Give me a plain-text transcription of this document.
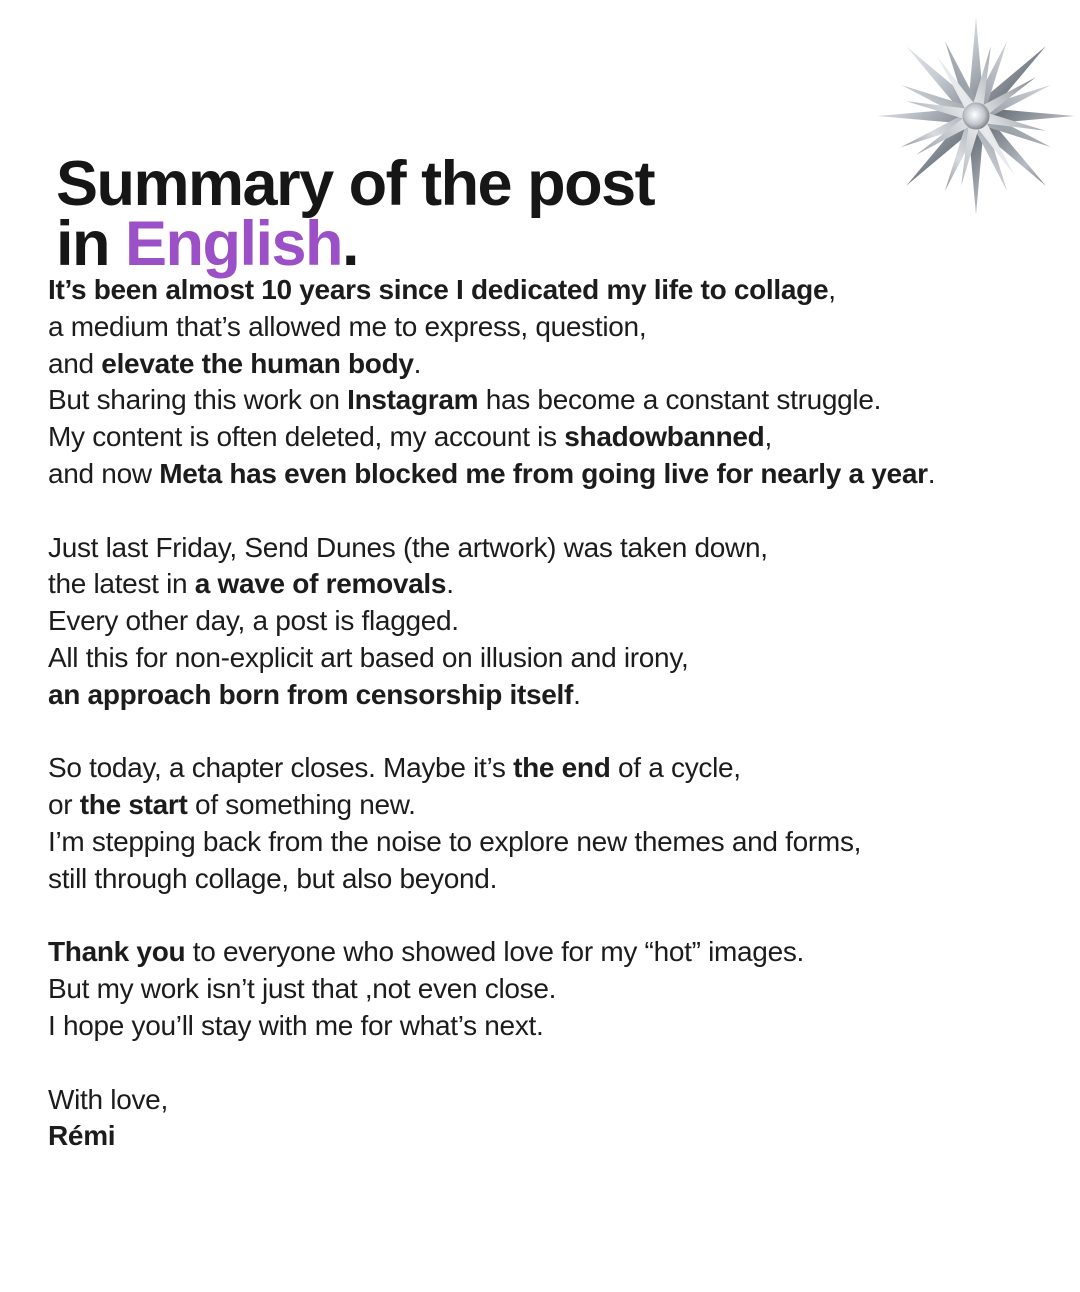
Summary of the post
in English.

It’s been almost 10 years since I dedicated my life to collage,
a medium that’s allowed me to express, question,
and elevate the human body.
But sharing this work on Instagram has become a constant struggle.
My content is often deleted, my account is shadowbanned,
and now Meta has even blocked me from going live for nearly a year.

Just last Friday, Send Dunes (the artwork) was taken down,
the latest in a wave of removals.
Every other day, a post is flagged.
All this for non-explicit art based on illusion and irony,
an approach born from censorship itself.

So today, a chapter closes. Maybe it’s the end of a cycle,
or the start of something new.
I’m stepping back from the noise to explore new themes and forms,
still through collage, but also beyond.

Thank you to everyone who showed love for my “hot” images.
But my work isn’t just that ,not even close.
I hope you’ll stay with me for what’s next.

With love,
Rémi
